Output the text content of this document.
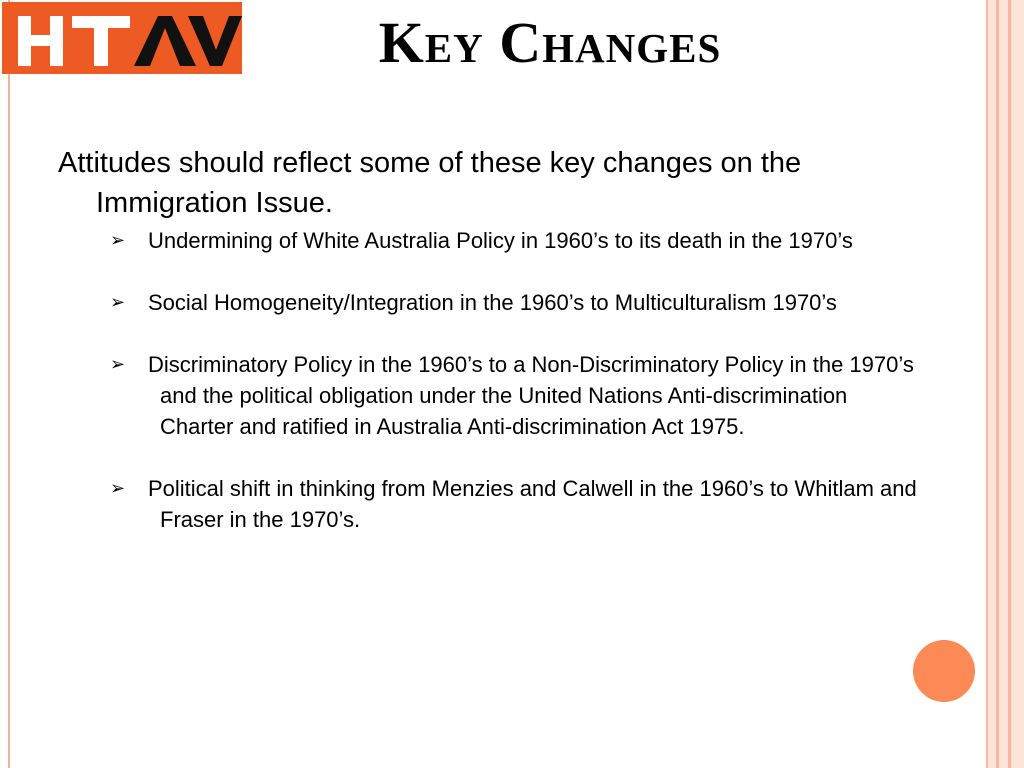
Key Changes

Attitudes should reflect some of these key changes on the Immigration Issue.

➢ Undermining of White Australia Policy in 1960’s to its death in the 1970’s
➢ Social Homogeneity/Integration in the 1960’s to Multiculturalism 1970’s
➢ Discriminatory Policy in the 1960’s to a Non-Discriminatory Policy in the 1970’s and the political obligation under the United Nations Anti-discrimination Charter and ratified in Australia Anti-discrimination Act 1975.
➢ Political shift in thinking from Menzies and Calwell in the 1960’s to Whitlam and Fraser in the 1970’s.
